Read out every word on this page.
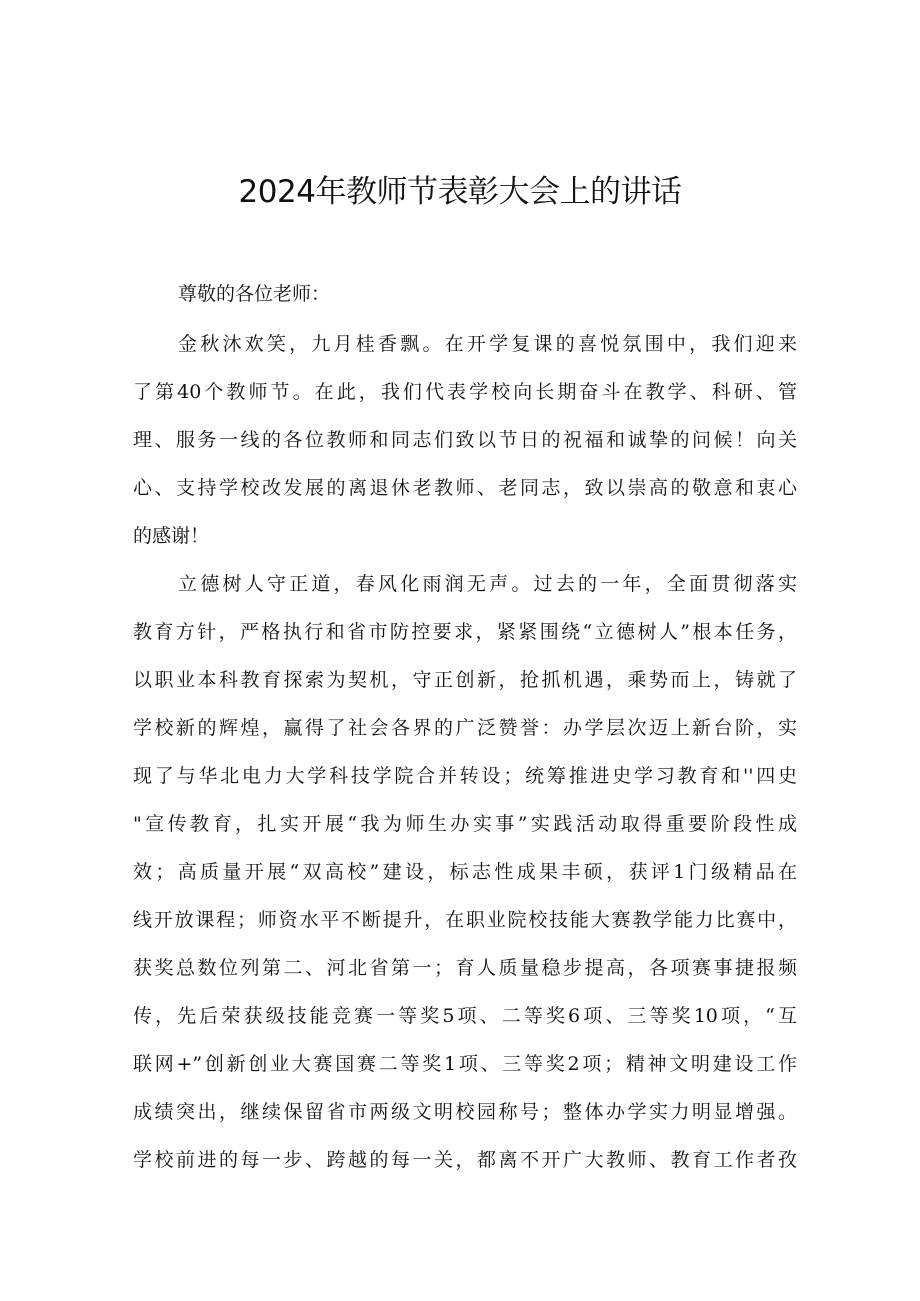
2024年教师节表彰大会上的讲话

尊敬的各位老师：

金秋沐欢笑，九月桂香飘。在开学复课的喜悦氛围中，我们迎来

了第40个教师节。在此，我们代表学校向长期奋斗在教学、科研、管

理、服务一线的各位教师和同志们致以节日的祝福和诚挚的问候！向关

心、支持学校改发展的离退休老教师、老同志，致以崇高的敬意和衷心

的感谢！

立德树人守正道，春风化雨润无声。过去的一年，全面贯彻落实

教育方针，严格执行和省市防控要求，紧紧围绕“立德树人”根本任务，

以职业本科教育探索为契机，守正创新，抢抓机遇，乘势而上，铸就了

学校新的辉煌，赢得了社会各界的广泛赞誉：办学层次迈上新台阶，实

现了与华北电力大学科技学院合并转设；统筹推进史学习教育和''四史

"宣传教育，扎实开展“我为师生办实事”实践活动取得重要阶段性成

效；高质量开展“双高校”建设，标志性成果丰硕，获评1门级精品在

线开放课程；师资水平不断提升，在职业院校技能大赛教学能力比赛中，

获奖总数位列第二、河北省第一；育人质量稳步提高，各项赛事捷报频

传，先后荣获级技能竞赛一等奖5项、二等奖6项、三等奖10项，“互

联网+”创新创业大赛国赛二等奖1项、三等奖2项；精神文明建设工作

成绩突出，继续保留省市两级文明校园称号；整体办学实力明显增强。

学校前进的每一步、跨越的每一关，都离不开广大教师、教育工作者孜
